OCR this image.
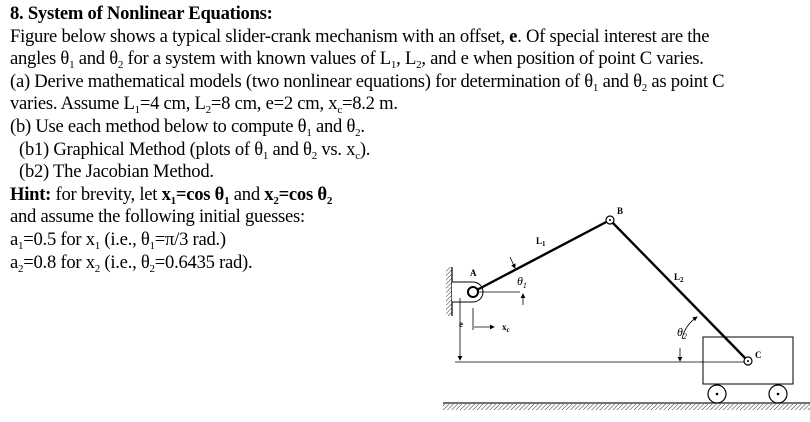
8. System of Nonlinear Equations:
Figure below shows a typical slider-crank mechanism with an offset, e. Of special interest are the
angles $\theta_1$ and $\theta_2$ for a system with known values of $L_1$, $L_2$, and e when position of point C varies.
(a) Derive mathematical models (two nonlinear equations) for determination of $\theta_1$ and $\theta_2$ as point C
varies. Assume $L_1=4$ cm, $L_2=8$ cm, e=2 cm, $x_c=8.2$ m.
(b) Use each method below to compute $\theta_1$ and $\theta_2$.
(b1) Graphical Method (plots of $\theta_1$ and $\theta_2$ vs. $x_c$).
(b2) The Jacobian Method.
Hint: for brevity, let $x_1=\cos$ $\theta_1$ and $x_2=\cos$ $\theta_2$
and assume the following initial guesses:
$a_1=0.5$ for $x_1$ (i.e., $\theta_1=\pi/3$ rad.)
$a_2=0.8$ for $x_2$ (i.e., $\theta_2=0.6435$ rad).
e	$x_c$
A
B
C
$L_1$
$L_2$
$\theta_1$
$\theta_2$
